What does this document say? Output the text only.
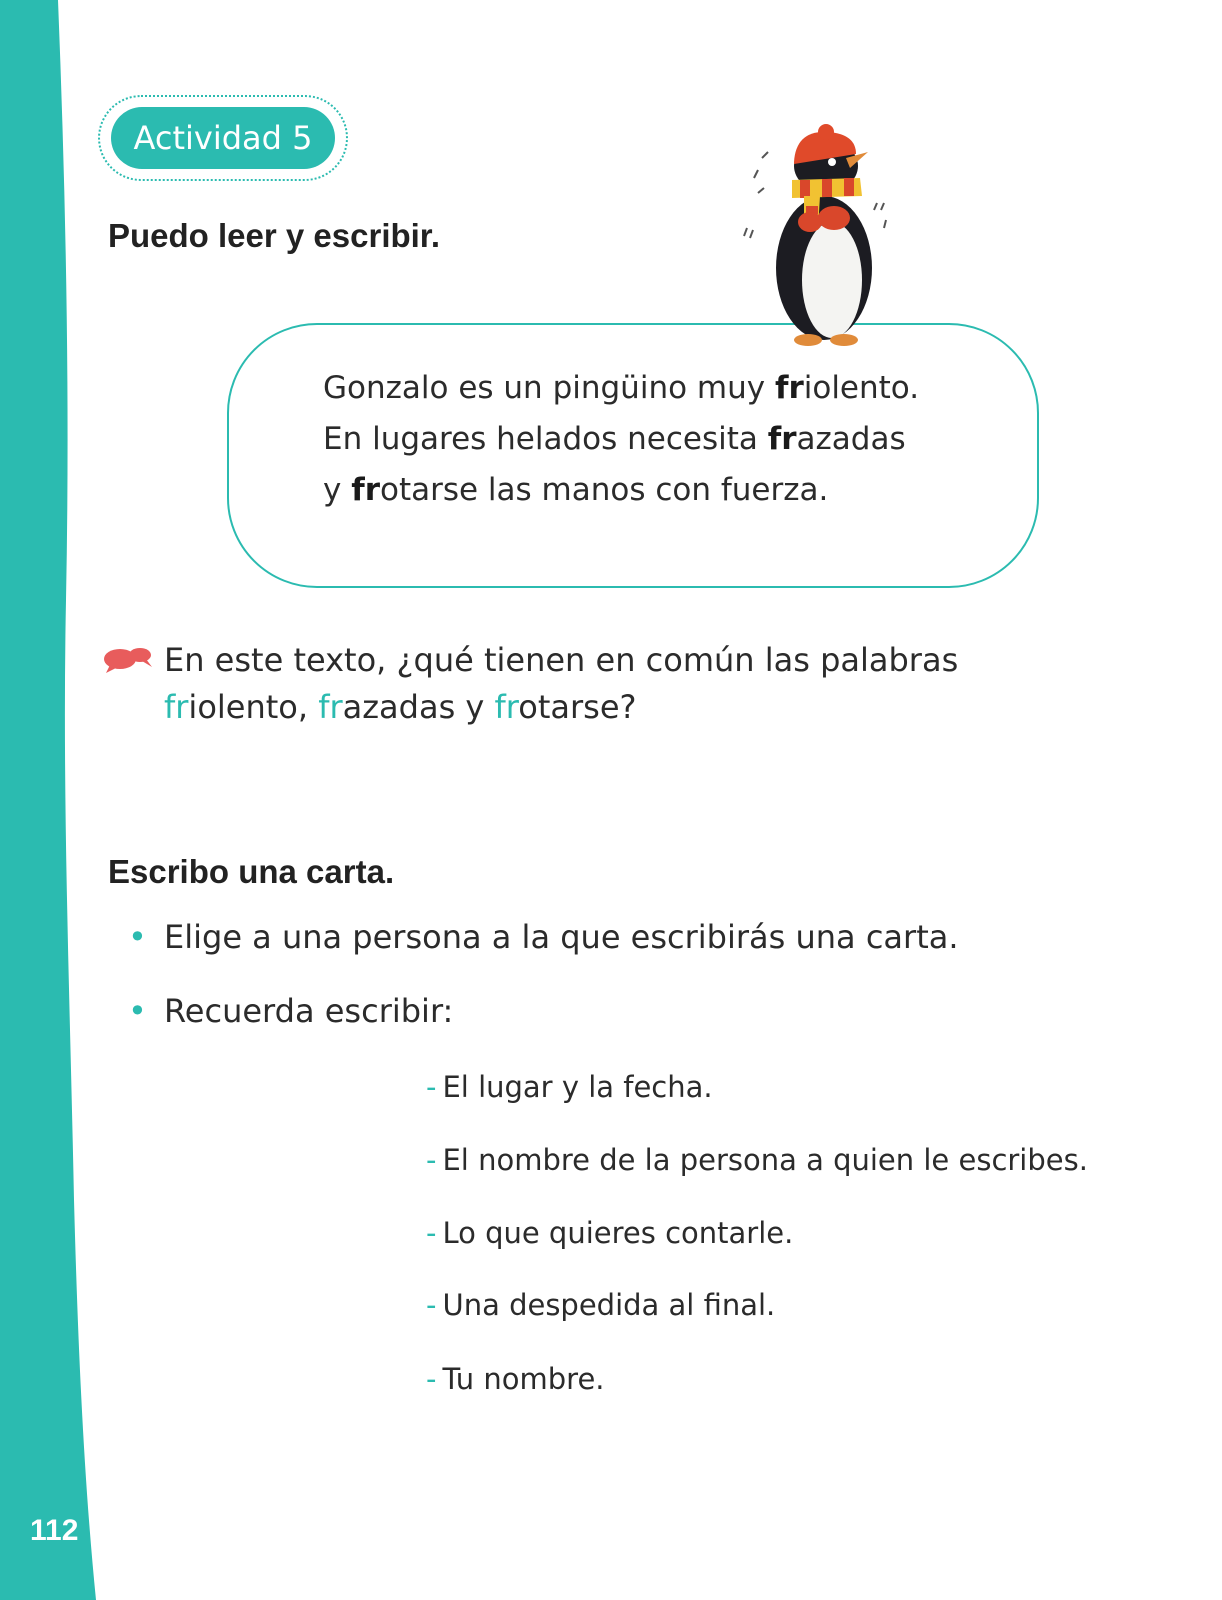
112
Actividad 5
Puedo leer y escribir.
Gonzalo es un pingüino muy friolento.
En lugares helados necesita frazadas
y frotarse las manos con fuerza.
En este texto, ¿qué tienen en común las palabras
friolento, frazadas y frotarse?
Escribo una carta.
• Elige a una persona a la que escribirás una carta.
• Recuerda escribir:
- El lugar y la fecha.
- El nombre de la persona a quien le escribes.
- Lo que quieres contarle.
- Una despedida al final.
- Tu nombre.
